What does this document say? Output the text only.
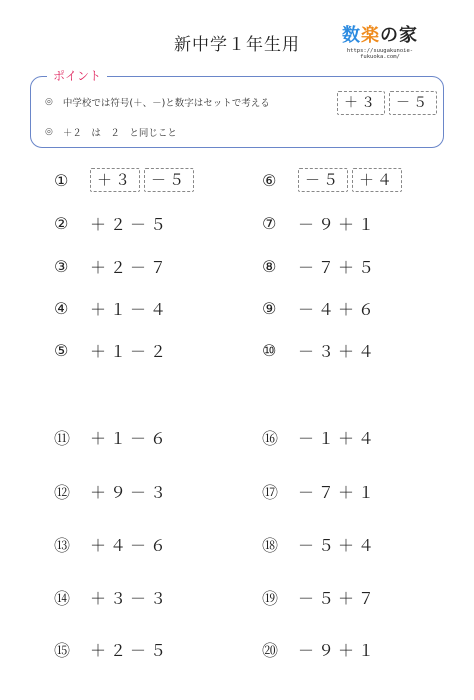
新中学１年生用	数楽の家
https://suugakunoie-fukuoka.com/
ポイント
◎ 中学校では符号(＋、－)と数字はセットで考える
◎ ＋２　は　２　と同じこと
＋３	－５
①	＋３	－５
②	＋２－５
③	＋２－７
④	＋１－４
⑤	＋１－２
⑥	－５	＋４
⑦	－９＋１
⑧	－７＋５
⑨	－４＋６
⑩	－３＋４
⑪	＋１－６
⑫	＋９－３
⑬	＋４－６
⑭	＋３－３
⑮	＋２－５
⑯	－１＋４
⑰	－７＋１
⑱	－５＋４
⑲	－５＋７
⑳	－９＋１
